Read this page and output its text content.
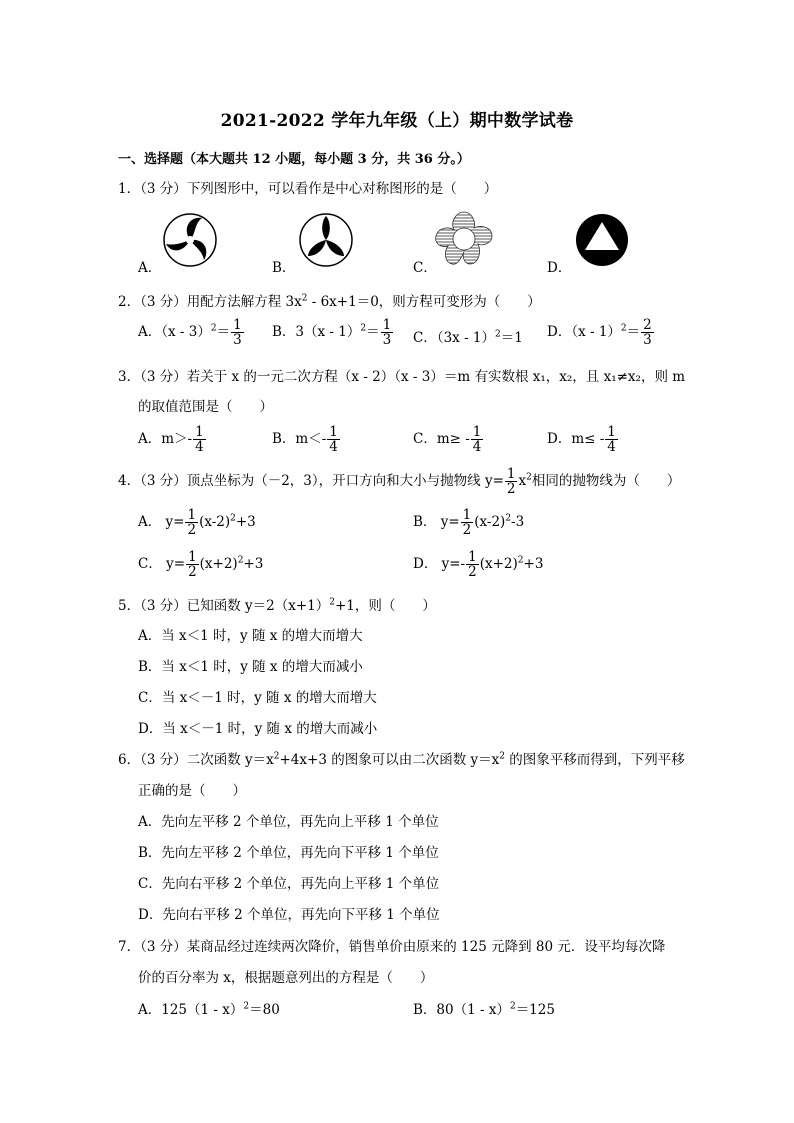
2021-2022 学年九年级（上）期中数学试卷
一、选择题（本大题共 12 小题，每小题 3 分，共 36 分。）
1．（3 分）下列图形中，可以看作是中心对称图形的是（　　）
A．	B．	C．	D．
2．（3 分）用配方法解方程 $3x^2 - 6x+1=0$，则方程可变形为（　　）
A．$(x - 3)^2= \frac{1}{3}$ B．$3(x - 1)^2= \frac{1}{3}$ C．（3x - 1）$^2$＝1 D．$(x - 1)^2= \frac{2}{3}$
3．（3 分）若关于 x 的一元二次方程（x - 2）（x - 3）＝m 有实数根 x₁，x₂，且 x₁≠x₂，则 m
的取值范围是（　　）
A．$m>- \frac{1}{4}$	B．$m<- \frac{1}{4}$	C．$m\ge - \frac{1}{4}$	D．$m\le - \frac{1}{4}$
4．（3 分）顶点坐标为（－2，3），开口方向和大小与抛物线 $y= \frac{1}{2} x^2$相同的抛物线为（　　）
A． $y= \frac{1}{2} (x-2)^2+3$	B． $y= \frac{1}{2} (x-2)^2-3$
C． $y= \frac{1}{2} (x+2)^2+3$	D． $y=- \frac{1}{2} (x+2)^2+3$
5．（3 分）已知函数 $y=2(x+1)^2+1$，则（　　）
A．当 x＜1 时，y 随 x 的增大而增大
B．当 x＜1 时，y 随 x 的增大而减小
C．当 x＜－1 时，y 随 x 的增大而增大
D．当 x＜－1 时，y 随 x 的增大而减小
6．（3 分）二次函数 $y=x^2+4x+3$ 的图象可以由二次函数 $y=x^2$ 的图象平移而得到，下列平移
正确的是（　　）
A．先向左平移 2 个单位，再先向上平移 1 个单位
B．先向左平移 2 个单位，再先向下平移 1 个单位
C．先向右平移 2 个单位，再先向上平移 1 个单位
D．先向右平移 2 个单位，再先向下平移 1 个单位
7．（3 分）某商品经过连续两次降价，销售单价由原来的 125 元降到 80 元．设平均每次降
价的百分率为 x，根据题意列出的方程是（　　）
A．125（1 - x）$^2$＝80	B．80（1 - x）$^2$＝125
